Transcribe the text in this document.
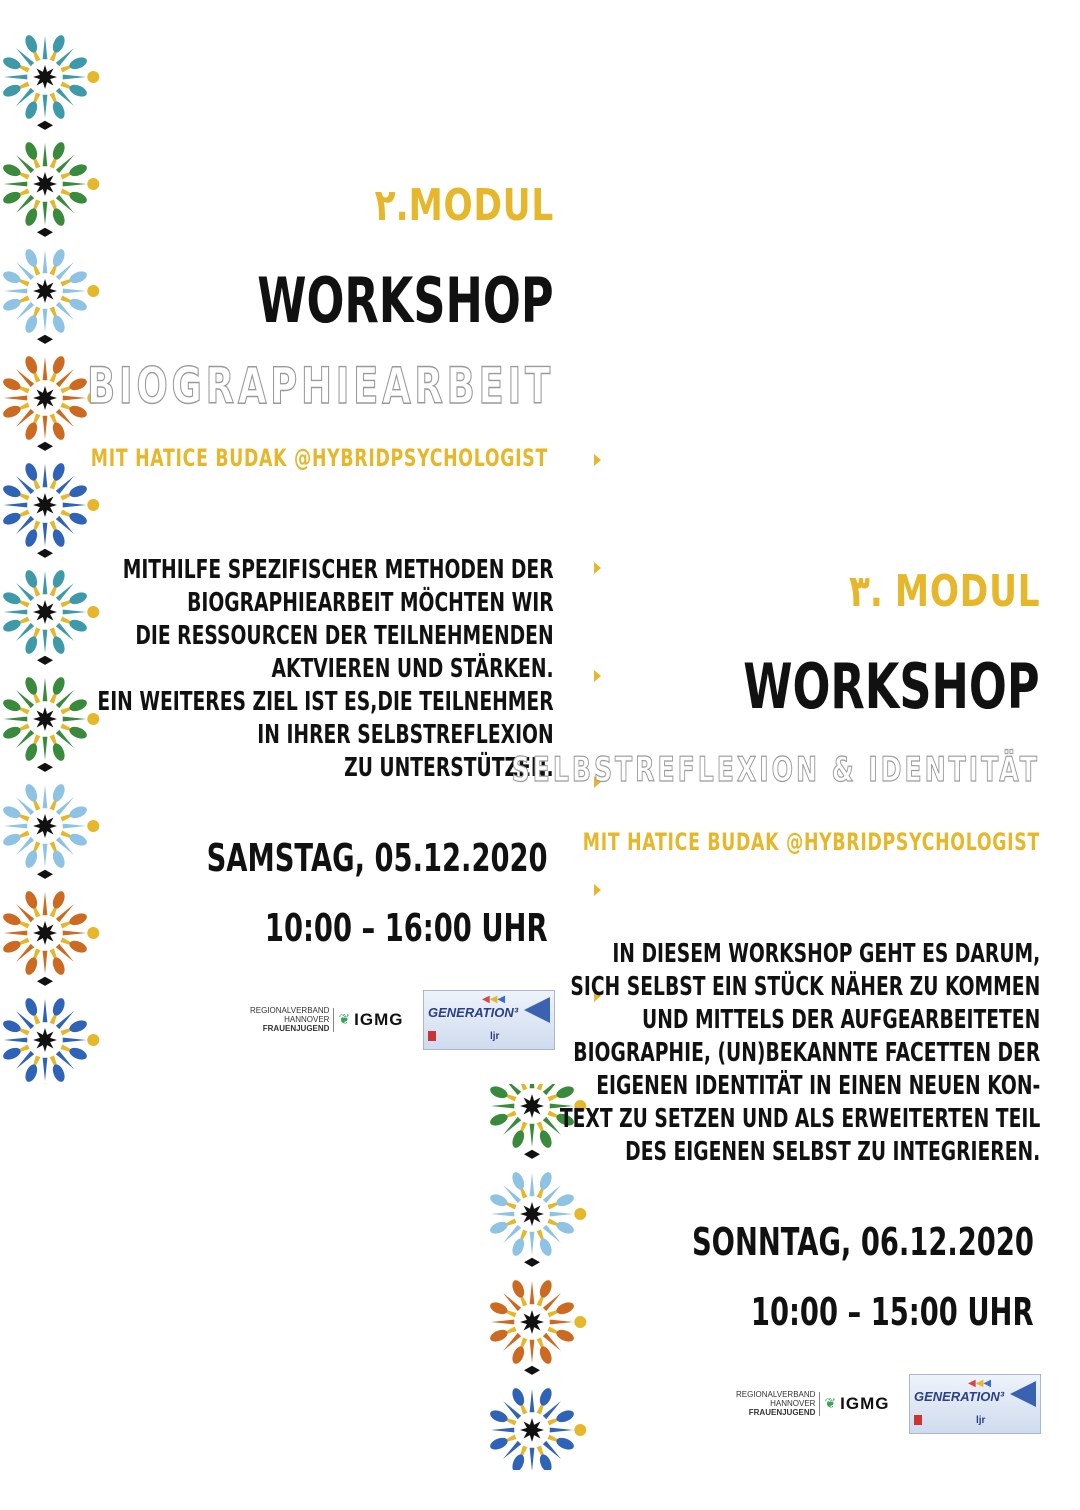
٢.MODUL
WORKSHOP
BIOGRAPHIEARBEIT
MIT HATICE BUDAK @HYBRIDPSYCHOLOGIST
MITHILFE SPEZIFISCHER METHODEN DER
BIOGRAPHIEARBEIT MÖCHTEN WIR
DIE RESSOURCEN DER TEILNEHMENDEN
AKTVIEREN UND STÄRKEN.
EIN WEITERES ZIEL IST ES,DIE TEILNEHMER
IN IHRER SELBSTREFLEXION
ZU UNTERSTÜTZEN.
SAMSTAG, 05.12.2020
10:00 – 16:00 UHR
REGIONALVERBAND
HANNOVER
FRAUENJUGEND
❦ IGMG
◀◀◀
GENERATION³
ljr
٣. MODUL
WORKSHOP
SELBSTREFLEXION & IDENTITÄT
MIT HATICE BUDAK @HYBRIDPSYCHOLOGIST
IN DIESEM WORKSHOP GEHT ES DARUM,
SICH SELBST EIN STÜCK NÄHER ZU KOMMEN
UND MITTELS DER AUFGEARBEITETEN
BIOGRAPHIE, (UN)BEKANNTE FACETTEN DER
EIGENEN IDENTITÄT IN EINEN NEUEN KON-
TEXT ZU SETZEN UND ALS ERWEITERTEN TEIL
DES EIGENEN SELBST ZU INTEGRIEREN.
SONNTAG, 06.12.2020
10:00 – 15:00 UHR
REGIONALVERBAND
HANNOVER
FRAUENJUGEND
❦ IGMG
◀◀◀
GENERATION³
ljr
